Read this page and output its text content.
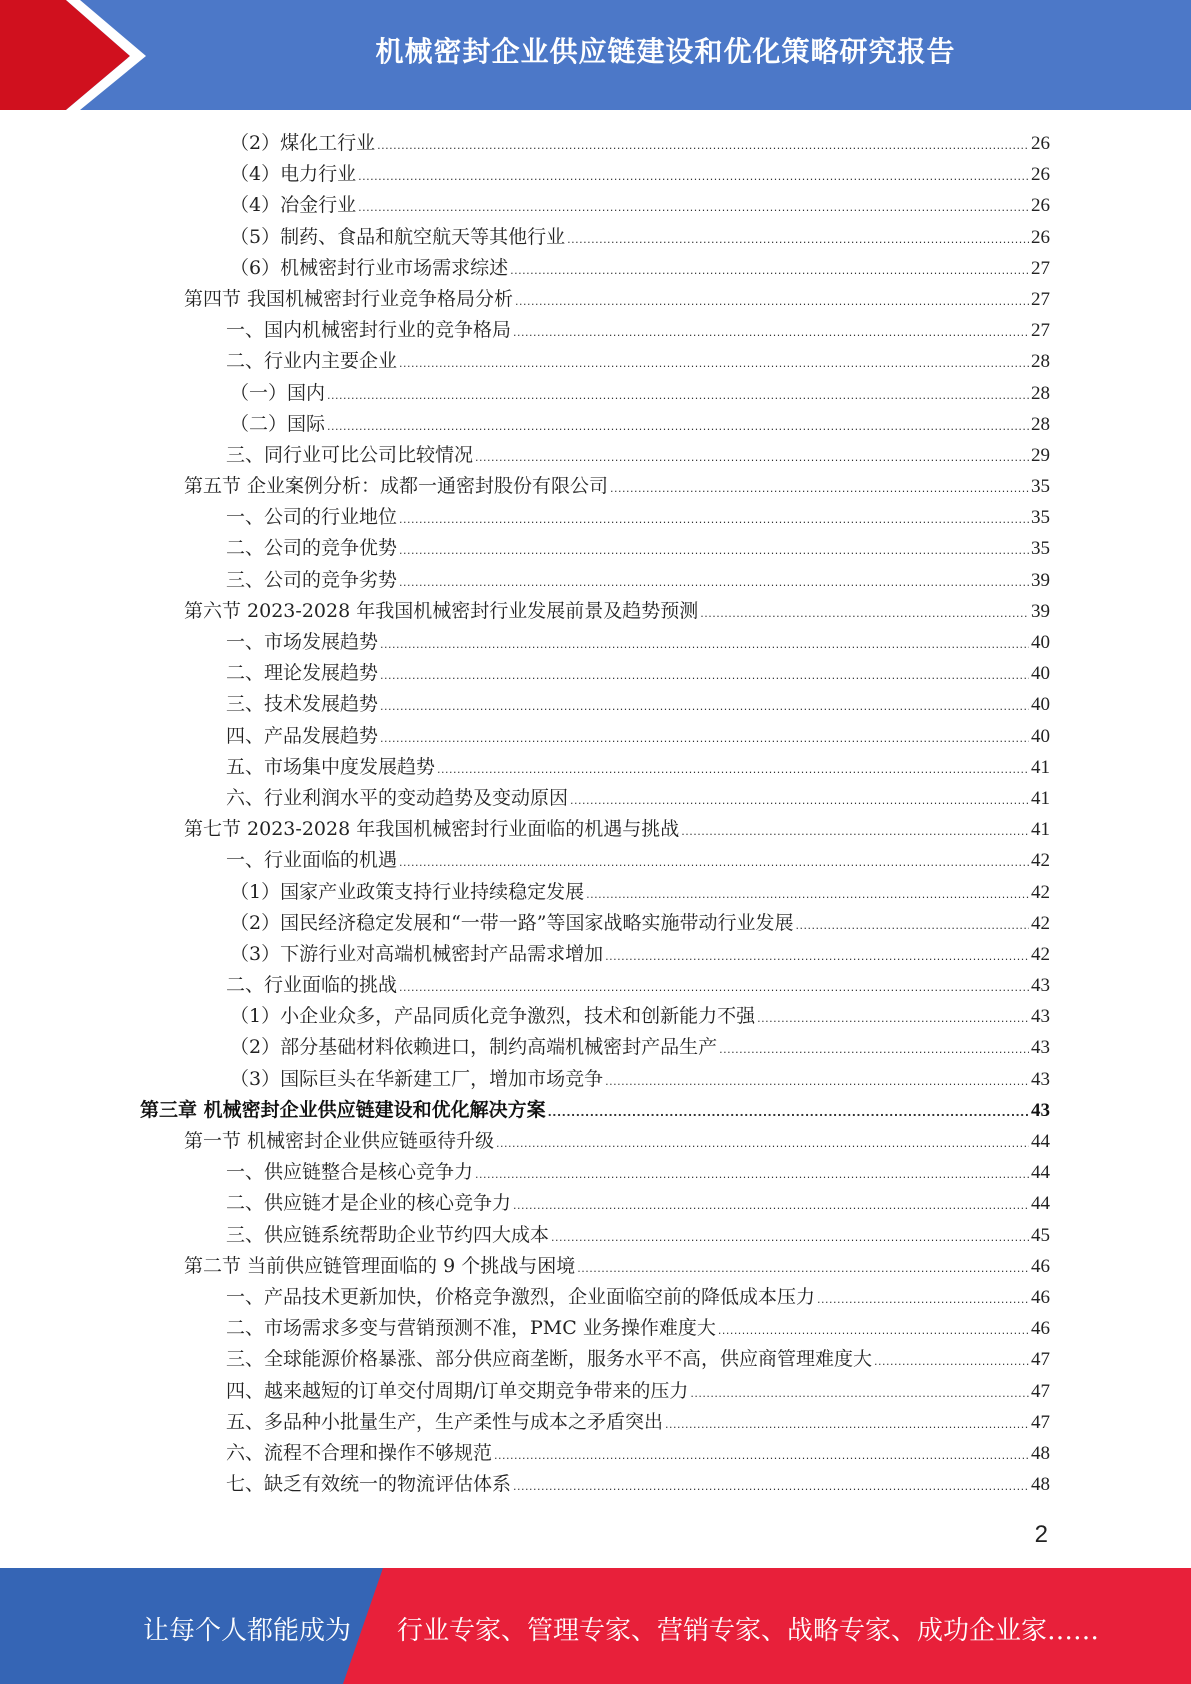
机械密封企业供应链建设和优化策略研究报告
（2）煤化工行业 .....	26
（4）电力行业 .....	26
（4）冶金行业 .....	26
（5）制药、食品和航空航天等其他行业 .....	26
（6）机械密封行业市场需求综述 .....	27
第四节 我国机械密封行业竞争格局分析 .....	27
一、国内机械密封行业的竞争格局 .....	27
二、行业内主要企业 .....	28
（一）国内 .....	28
（二）国际 .....	28
三、同行业可比公司比较情况 .....	29
第五节 企业案例分析：成都一通密封股份有限公司 .....	35
一、公司的行业地位 .....	35
二、公司的竞争优势 .....	35
三、公司的竞争劣势 .....	39
第六节 2023-2028 年我国机械密封行业发展前景及趋势预测 .....	39
一、市场发展趋势 .....	40
二、理论发展趋势 .....	40
三、技术发展趋势 .....	40
四、产品发展趋势 .....	40
五、市场集中度发展趋势 .....	41
六、行业利润水平的变动趋势及变动原因 .....	41
第七节 2023-2028 年我国机械密封行业面临的机遇与挑战 .....	41
一、行业面临的机遇 .....	42
（1）国家产业政策支持行业持续稳定发展 .....	42
（2）国民经济稳定发展和“一带一路”等国家战略实施带动行业发展 .....	42
（3）下游行业对高端机械密封产品需求增加 .....	42
二、行业面临的挑战 .....	43
（1）小企业众多，产品同质化竞争激烈，技术和创新能力不强 .....	43
（2）部分基础材料依赖进口，制约高端机械密封产品生产 .....	43
（3）国际巨头在华新建工厂，增加市场竞争 .....	43
第三章 机械密封企业供应链建设和优化解决方案 .....	43
第一节 机械密封企业供应链亟待升级 .....	44
一、供应链整合是核心竞争力 .....	44
二、供应链才是企业的核心竞争力 .....	44
三、供应链系统帮助企业节约四大成本 .....	45
第二节 当前供应链管理面临的 9 个挑战与困境 .....	46
一、产品技术更新加快，价格竞争激烈，企业面临空前的降低成本压力 .....	46
二、市场需求多变与营销预测不准，PMC 业务操作难度大 .....	46
三、全球能源价格暴涨、部分供应商垄断，服务水平不高，供应商管理难度大 .....	47
四、越来越短的订单交付周期/订单交期竞争带来的压力 .....	47
五、多品种小批量生产，生产柔性与成本之矛盾突出 .....	47
六、流程不合理和操作不够规范 .....	48
七、缺乏有效统一的物流评估体系 .....	48
2
让每个人都能成为 行业专家、管理专家、营销专家、战略专家、成功企业家……
